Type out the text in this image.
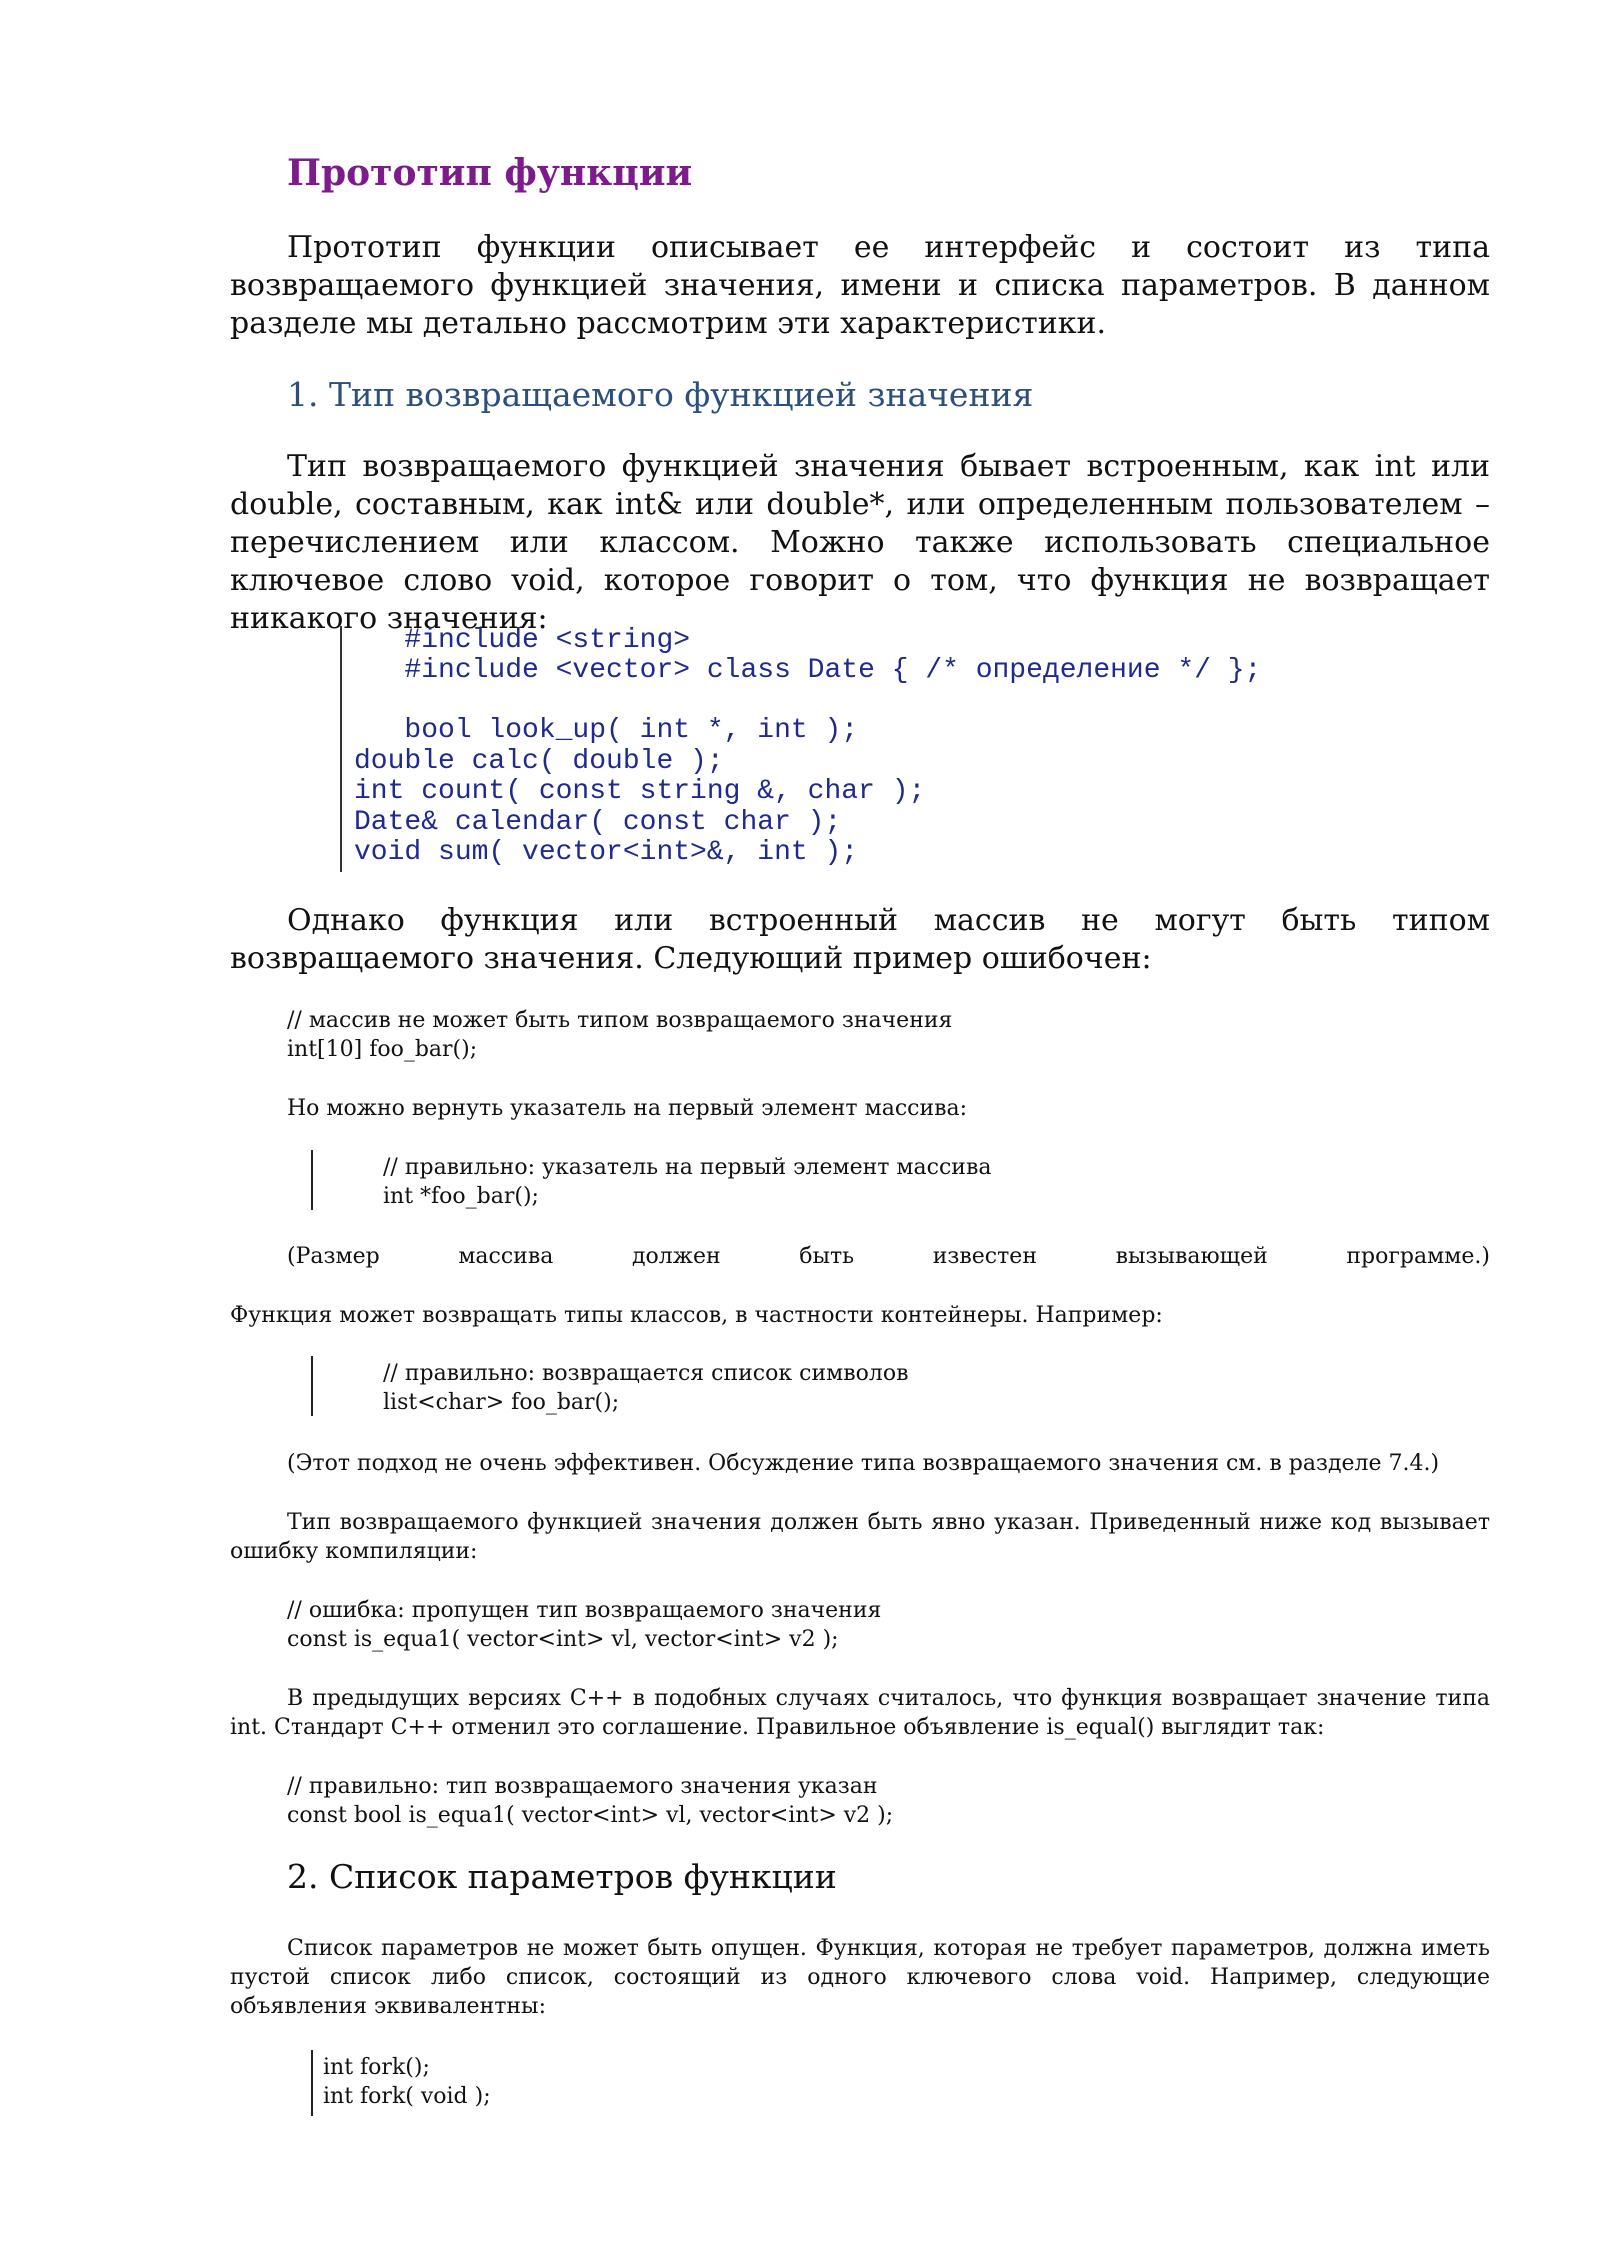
Прототип функции

Прототип функции описывает ее интерфейс и состоит из типа возвращаемого функцией значения, имени и списка параметров. В данном разделе мы детально рассмотрим эти характеристики.

1. Тип возвращаемого функцией значения

Тип возвращаемого функцией значения бывает встроенным, как int или double, составным, как int& или double*, или определенным пользователем – перечислением или классом. Можно также использовать специальное ключевое слово void, которое говорит о том, что функция не возвращает никакого значения:

#include <string>
#include <vector> class Date { /* определение */ };
bool look_up( int *, int );
double calc( double );
int count( const string &, char );
Date& calendar( const char );
void sum( vector<int>&, int );

Однако функция или встроенный массив не могут быть типом возвращаемого значения. Следующий пример ошибочен:

// массив не может быть типом возвращаемого значения
int[10] foo_bar();
Но можно вернуть указатель на первый элемент массива:
// правильно: указатель на первый элемент массива
int *foo_bar();
(Размер	массива	должен	быть	известен	вызывающей	программе.)
Функция может возвращать типы классов, в частности контейнеры. Например:
// правильно: возвращается список символов
list<char> foo_bar();
(Этот подход не очень эффективен. Обсуждение типа возвращаемого значения см. в разделе 7.4.)

Тип возвращаемого функцией значения должен быть явно указан. Приведенный ниже код вызывает ошибку компиляции:

// ошибка: пропущен тип возвращаемого значения
const is_equa1( vector<int> vl, vector<int> v2 );

В предыдущих версиях С++ в подобных случаях считалось, что функция возвращает значение типа int. Стандарт С++ отменил это соглашение. Правильное объявление is_equal() выглядит так:

// правильно: тип возвращаемого значения указан
const bool is_equa1( vector<int> vl, vector<int> v2 );
2. Список параметров функции

Список параметров не может быть опущен. Функция, которая не требует параметров, должна иметь пустой список либо список, состоящий из одного ключевого слова void. Например, следующие объявления эквивалентны:

int fork();
int fork( void );
